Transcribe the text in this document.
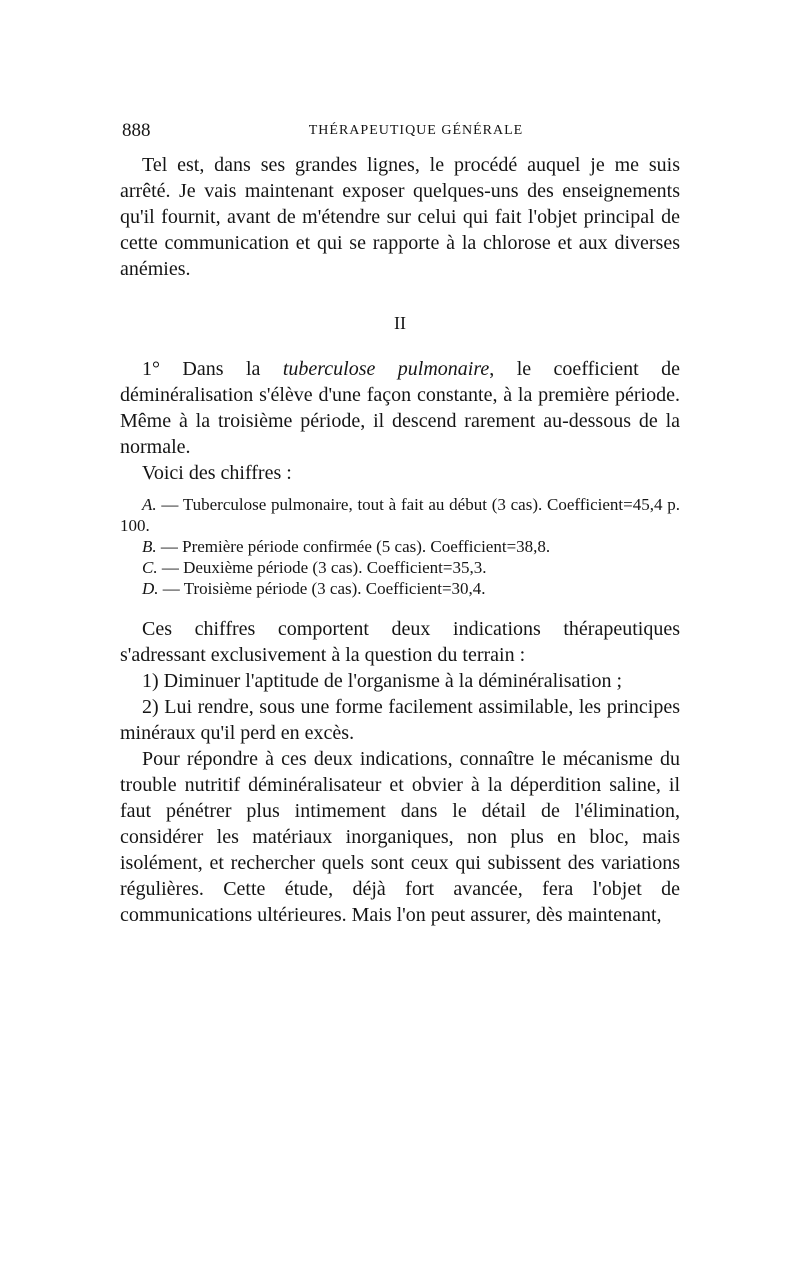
888	THÉRAPEUTIQUE GÉNÉRALE

Tel est, dans ses grandes lignes, le procédé auquel je me suis arrêté. Je vais maintenant exposer quelques-uns des enseignements qu'il fournit, avant de m'étendre sur celui qui fait l'objet principal de cette communication et qui se rapporte à la chlorose et aux diverses anémies.

II

1° Dans la tuberculose pulmonaire, le coefficient de déminéralisation s'élève d'une façon constante, à la première période. Même à la troisième période, il descend rarement au-dessous de la normale.

Voici des chiffres :

A. — Tuberculose pulmonaire, tout à fait au début (3 cas). Coefficient=45,4 p. 100.

B. — Première période confirmée (5 cas). Coefficient=38,8.

C. — Deuxième période (3 cas). Coefficient=35,3.

D. — Troisième période (3 cas). Coefficient=30,4.

Ces chiffres comportent deux indications thérapeutiques s'adressant exclusivement à la question du terrain :

1) Diminuer l'aptitude de l'organisme à la déminéralisation ;

2) Lui rendre, sous une forme facilement assimilable, les principes minéraux qu'il perd en excès.

Pour répondre à ces deux indications, connaître le mécanisme du trouble nutritif déminéralisateur et obvier à la déperdition saline, il faut pénétrer plus intimement dans le détail de l'élimination, considérer les matériaux inorganiques, non plus en bloc, mais isolément, et rechercher quels sont ceux qui subissent des variations régulières. Cette étude, déjà fort avancée, fera l'objet de communications ultérieures. Mais l'on peut assurer, dès maintenant,
